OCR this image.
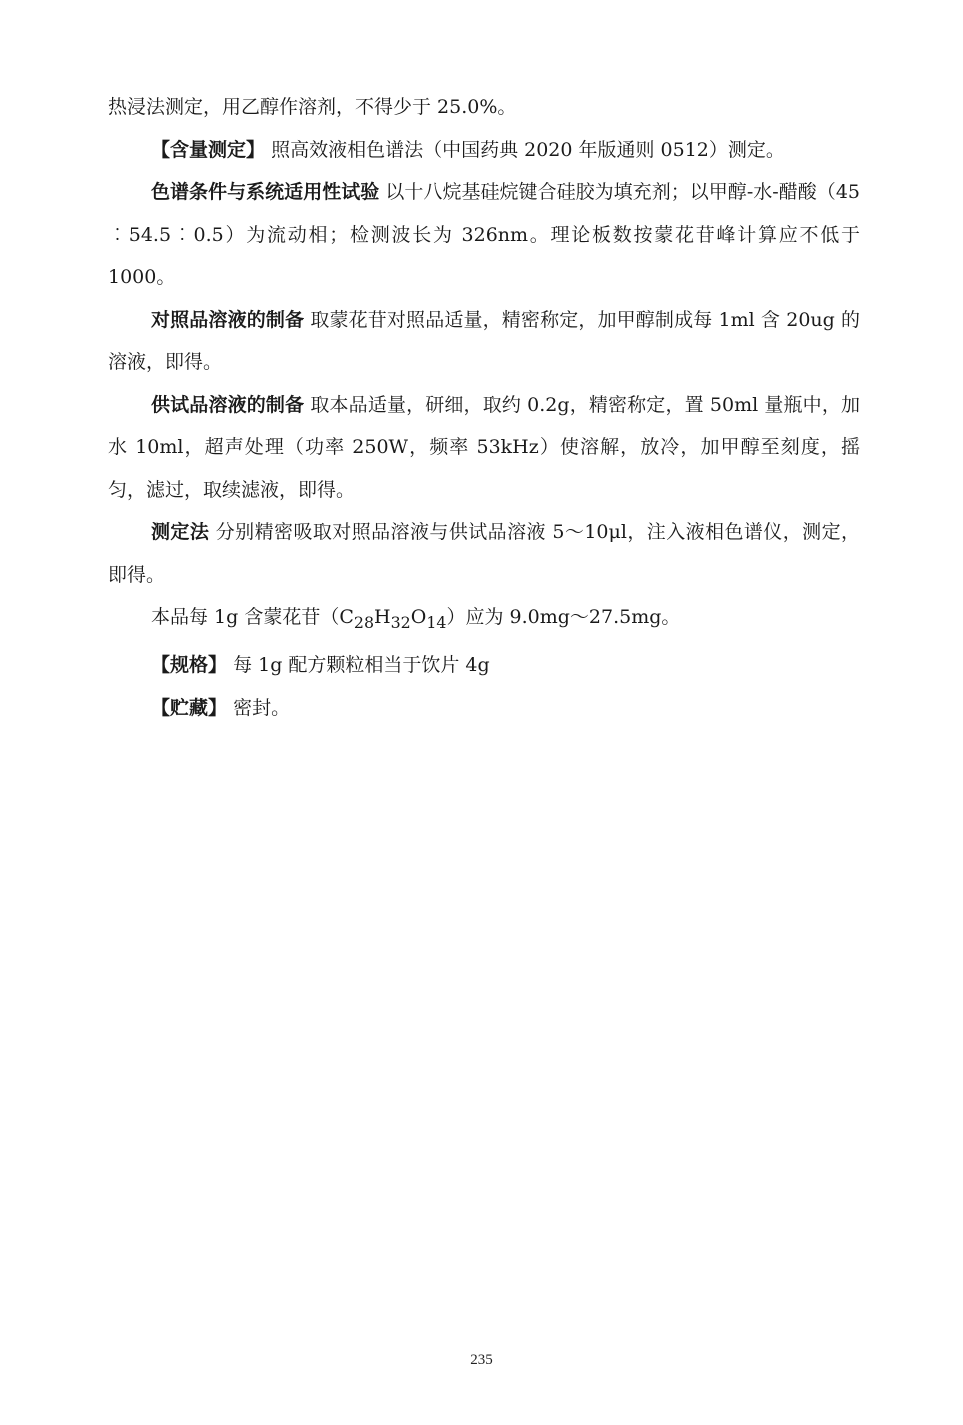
热浸法测定，用乙醇作溶剂，不得少于 25.0%。

【含量测定】 照高效液相色谱法（中国药典 2020 年版通则 0512）测定。

色谱条件与系统适用性试验 以十八烷基硅烷键合硅胶为填充剂；以甲醇-水-醋酸（45︰54.5︰0.5）为流动相；检测波长为 326nm。理论板数按蒙花苷峰计算应不低于 1000。

对照品溶液的制备 取蒙花苷对照品适量，精密称定，加甲醇制成每 1ml 含 20ug 的溶液，即得。

供试品溶液的制备 取本品适量，研细，取约 0.2g，精密称定，置 50ml 量瓶中，加水 10ml，超声处理（功率 250W，频率 53kHz）使溶解，放冷，加甲醇至刻度，摇匀，滤过，取续滤液，即得。

测定法 分别精密吸取对照品溶液与供试品溶液 5～10μl，注入液相色谱仪，测定，即得。

本品每 1g 含蒙花苷$(C_{28}H_{32}O_{14})$应为 9.0mg～27.5mg。

【规格】 每 1g 配方颗粒相当于饮片 4g

【贮藏】 密封。

235
